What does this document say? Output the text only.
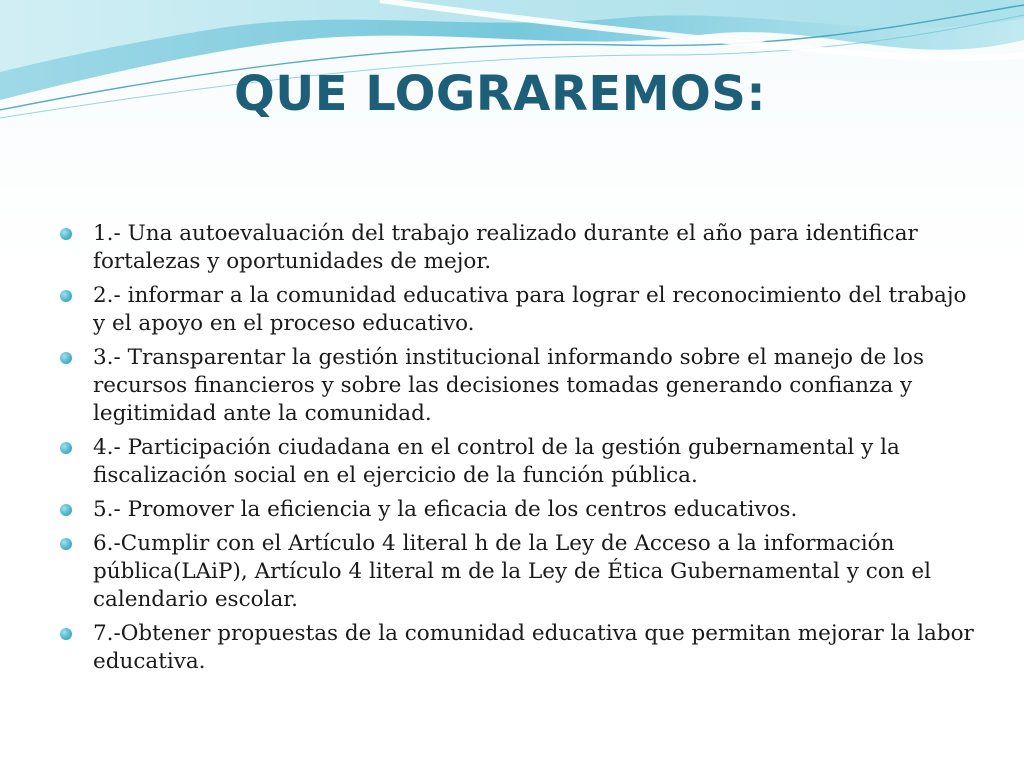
QUE LOGRAREMOS:
1.- Una autoevaluación del trabajo realizado durante el año para identificar fortalezas y oportunidades de mejor.
2.- informar a la comunidad educativa para lograr el reconocimiento del trabajo y el apoyo en el proceso educativo.
3.- Transparentar la gestión institucional informando sobre el manejo de los recursos financieros y sobre las decisiones tomadas generando confianza y legitimidad ante la comunidad.
4.- Participación ciudadana en el control de la gestión gubernamental y la fiscalización social en el ejercicio de la función pública.
5.- Promover la eficiencia y la eficacia de los centros educativos.
6.-Cumplir con el Artículo 4 literal h de la Ley de Acceso a la información pública(LAiP), Artículo 4 literal m de la Ley de Ética Gubernamental y con el calendario escolar.
7.-Obtener propuestas de la comunidad educativa que permitan mejorar la labor educativa.
